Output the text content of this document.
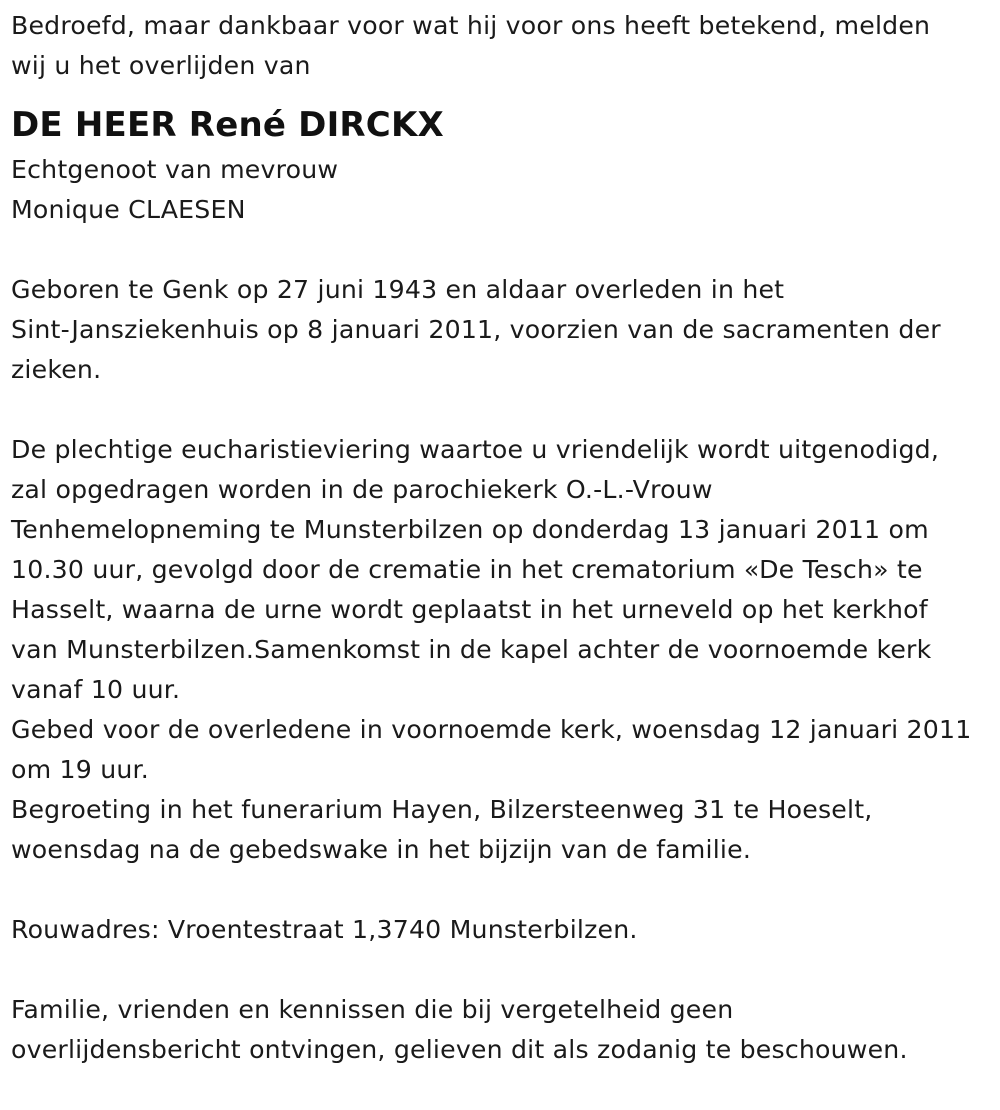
Bedroefd, maar dankbaar voor wat hij voor ons heeft betekend, melden
wij u het overlijden van
DE HEER René DIRCKX
Echtgenoot van mevrouw
Monique CLAESEN
Geboren te Genk op 27 juni 1943 en aldaar overleden in het
Sint-Jansziekenhuis op 8 januari 2011, voorzien van de sacramenten der
zieken.
De plechtige eucharistieviering waartoe u vriendelijk wordt uitgenodigd,
zal opgedragen worden in de parochiekerk O.-L.-Vrouw
Tenhemelopneming te Munsterbilzen op donderdag 13 januari 2011 om
10.30 uur, gevolgd door de crematie in het crematorium «De Tesch» te
Hasselt, waarna de urne wordt geplaatst in het urneveld op het kerkhof
van Munsterbilzen.Samenkomst in de kapel achter de voornoemde kerk
vanaf 10 uur.
Gebed voor de overledene in voornoemde kerk, woensdag 12 januari 2011
om 19 uur.
Begroeting in het funerarium Hayen, Bilzersteenweg 31 te Hoeselt,
woensdag na de gebedswake in het bijzijn van de familie.
Rouwadres: Vroentestraat 1,3740 Munsterbilzen.
Familie, vrienden en kennissen die bij vergetelheid geen
overlijdensbericht ontvingen, gelieven dit als zodanig te beschouwen.
